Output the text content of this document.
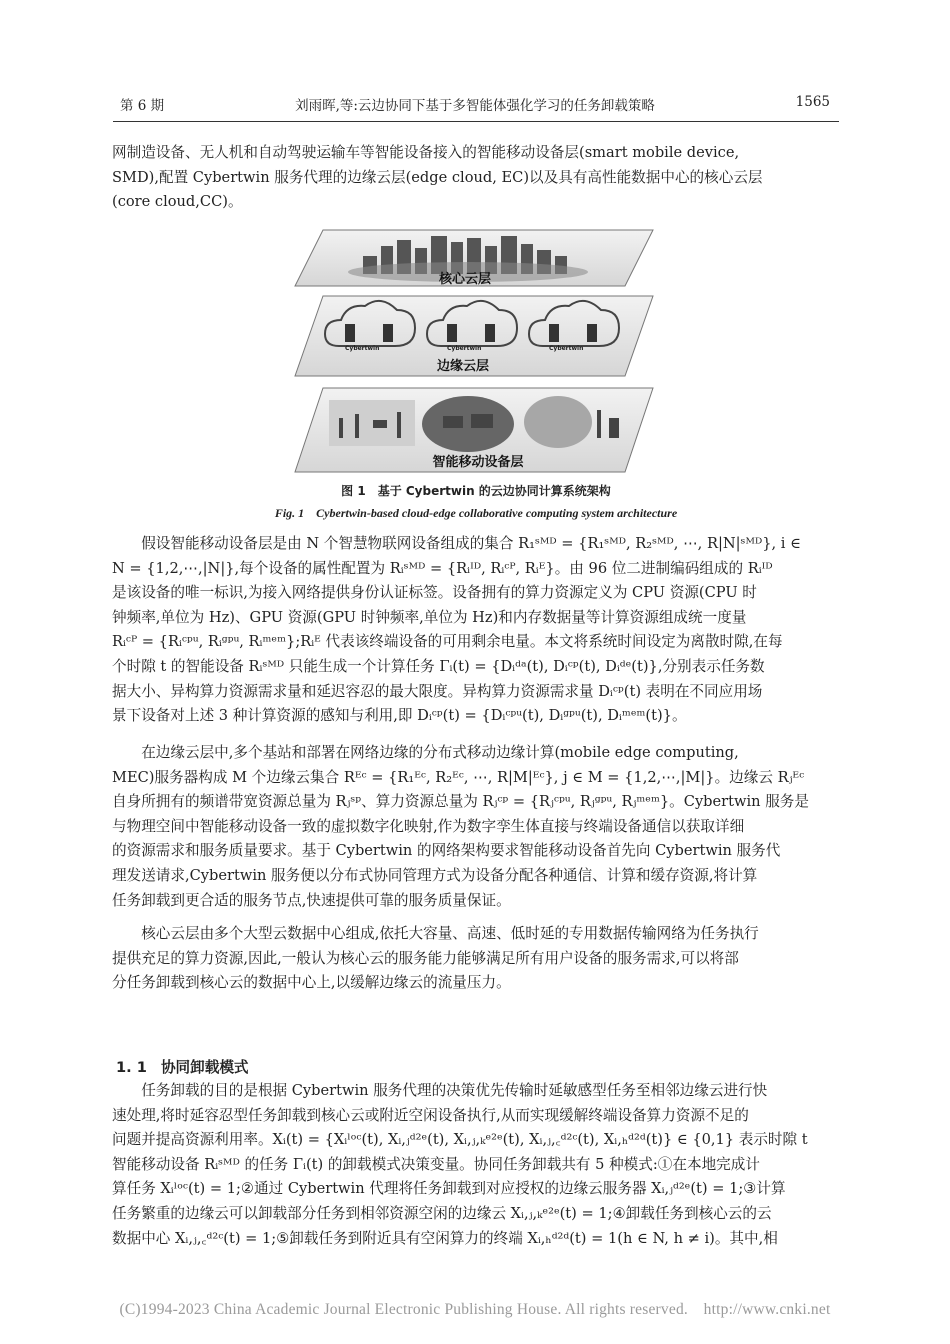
第 6 期	刘雨晖,等:云边协同下基于多智能体强化学习的任务卸载策略	1565
网制造设备、无人机和自动驾驶运输车等智能设备接入的智能移动设备层(smart mobile device,
SMD),配置 Cybertwin 服务代理的边缘云层(edge cloud, EC)以及具有高性能数据中心的核心云层
(core cloud,CC)。
核心云层
Cybertwin	Cybertwin	Cybertwin
边缘云层
智能移动设备层
图 1　基于 Cybertwin 的云边协同计算系统架构
Fig. 1　Cybertwin-based cloud-edge collaborative computing system architecture
　　假设智能移动设备层是由 N 个智慧物联网设备组成的集合 R₁ˢᴹᴰ = {R₁ˢᴹᴰ, R₂ˢᴹᴰ, ⋯, R|N|ˢᴹᴰ}, i ∈
N = {1,2,⋯,|N|},每个设备的属性配置为 Rᵢˢᴹᴰ = {Rᵢᴵᴰ, Rᵢᶜᴾ, Rᵢᴱ}。由 96 位二进制编码组成的 Rᵢᴵᴰ
是该设备的唯一标识,为接入网络提供身份认证标签。设备拥有的算力资源定义为 CPU 资源(CPU 时
钟频率,单位为 Hz)、GPU 资源(GPU 时钟频率,单位为 Hz)和内存数据量等计算资源组成统一度量
Rᵢᶜᴾ = {Rᵢᶜᵖᵘ, Rᵢᵍᵖᵘ, Rᵢᵐᵉᵐ};Rᵢᴱ 代表该终端设备的可用剩余电量。本文将系统时间设定为离散时隙,在每
个时隙 t 的智能设备 Rᵢˢᴹᴰ 只能生成一个计算任务 Γᵢ(t) = {Dᵢᵈᵃ(t), Dᵢᶜᵖ(t), Dᵢᵈᵉ(t)},分别表示任务数
据大小、异构算力资源需求量和延迟容忍的最大限度。异构算力资源需求量 Dᵢᶜᵖ(t) 表明在不同应用场
景下设备对上述 3 种计算资源的感知与利用,即 Dᵢᶜᵖ(t) = {Dᵢᶜᵖᵘ(t), Dᵢᵍᵖᵘ(t), Dᵢᵐᵉᵐ(t)}。
　　在边缘云层中,多个基站和部署在网络边缘的分布式移动边缘计算(mobile edge computing,
MEC)服务器构成 M 个边缘云集合 Rᴱᶜ = {R₁ᴱᶜ, R₂ᴱᶜ, ⋯, R|M|ᴱᶜ}, j ∈ M = {1,2,⋯,|M|}。边缘云 Rⱼᴱᶜ
自身所拥有的频谱带宽资源总量为 Rⱼˢᵖ、算力资源总量为 Rⱼᶜᵖ = {Rⱼᶜᵖᵘ, Rⱼᵍᵖᵘ, Rⱼᵐᵉᵐ}。Cybertwin 服务是
与物理空间中智能移动设备一致的虚拟数字化映射,作为数字孪生体直接与终端设备通信以获取详细
的资源需求和服务质量要求。基于 Cybertwin 的网络架构要求智能移动设备首先向 Cybertwin 服务代
理发送请求,Cybertwin 服务便以分布式协同管理方式为设备分配各种通信、计算和缓存资源,将计算
任务卸载到更合适的服务节点,快速提供可靠的服务质量保证。
　　核心云层由多个大型云数据中心组成,依托大容量、高速、低时延的专用数据传输网络为任务执行
提供充足的算力资源,因此,一般认为核心云的服务能力能够满足所有用户设备的服务需求,可以将部
分任务卸载到核心云的数据中心上,以缓解边缘云的流量压力。
1. 1 协同卸载模式
　　任务卸载的目的是根据 Cybertwin 服务代理的决策优先传输时延敏感型任务至相邻边缘云进行快
速处理,将时延容忍型任务卸载到核心云或附近空闲设备执行,从而实现缓解终端设备算力资源不足的
问题并提高资源利用率。Xᵢ(t) = {Xᵢˡᵒᶜ(t), Xᵢ,ⱼᵈ²ᵉ(t), Xᵢ,ⱼ,ₖᵉ²ᵉ(t), Xᵢ,ⱼ,꜀ᵈ²ᶜ(t), Xᵢ,ₕᵈ²ᵈ(t)} ∈ {0,1} 表示时隙 t
智能移动设备 Rᵢˢᴹᴰ 的任务 Γᵢ(t) 的卸载模式决策变量。协同任务卸载共有 5 种模式:①在本地完成计
算任务 Xᵢˡᵒᶜ(t) = 1;②通过 Cybertwin 代理将任务卸载到对应授权的边缘云服务器 Xᵢ,ⱼᵈ²ᵉ(t) = 1;③计算
任务繁重的边缘云可以卸载部分任务到相邻资源空闲的边缘云 Xᵢ,ⱼ,ₖᵉ²ᵉ(t) = 1;④卸载任务到核心云的云
数据中心 Xᵢ,ⱼ,꜀ᵈ²ᶜ(t) = 1;⑤卸载任务到附近具有空闲算力的终端 Xᵢ,ₕᵈ²ᵈ(t) = 1(h ∈ N, h ≠ i)。其中,相
(C)1994-2023 China Academic Journal Electronic Publishing House. All rights reserved.　http://www.cnki.net
